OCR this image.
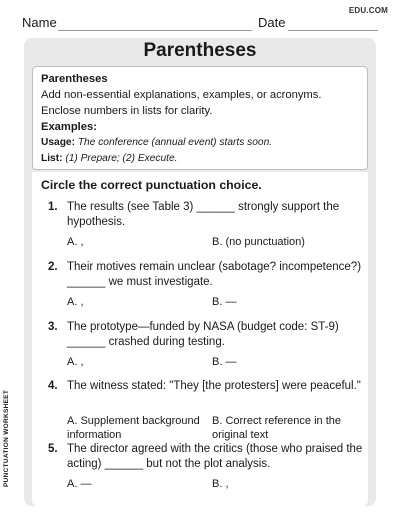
EDU.COM
Name	Date
Parentheses
Parentheses
Add non-essential explanations, examples, or acronyms.
Enclose numbers in lists for clarity.
Examples:
Usage: The conference (annual event) starts soon.
List: (1) Prepare; (2) Execute.
Circle the correct punctuation choice.
1. The results (see Table 3) ______ strongly support the hypothesis.
A. ,	B. (no punctuation)
2. Their motives remain unclear (sabotage? incompetence?) ______ we must investigate.
A. ,	B. —
3. The prototype—funded by NASA (budget code: ST-9) ______ crashed during testing.
A. ,	B. —
4. The witness stated: "They [the protesters] were peaceful."
A. Supplement background information
B. Correct reference in the original text
5. The director agreed with the critics (those who praised the acting) ______ but not the plot analysis.
A. —	B. ,
PUNCTUATION WORKSHEET
